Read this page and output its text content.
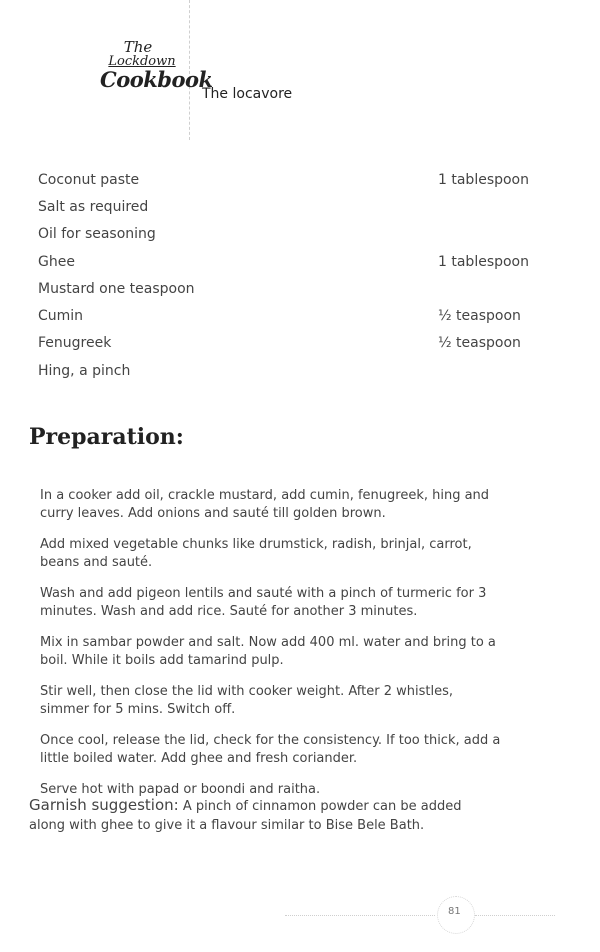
The
Lockdown
Cookbook
The locavore
Coconut paste	1 tablespoon
Salt as required
Oil for seasoning
Ghee	1 tablespoon
Mustard one teaspoon
Cumin	½ teaspoon
Fenugreek	½ teaspoon
Hing, a pinch
Preparation:

In a cooker add oil, crackle mustard, add cumin, fenugreek, hing and curry leaves. Add onions and sauté till golden brown.

Add mixed vegetable chunks like drumstick, radish, brinjal, carrot, beans and sauté.

Wash and add pigeon lentils and sauté with a pinch of turmeric for 3 minutes. Wash and add rice. Sauté for another 3 minutes.

Mix in sambar powder and salt. Now add 400 ml. water and bring to a boil. While it boils add tamarind pulp.

Stir well, then close the lid with cooker weight. After 2 whistles, simmer for 5 mins. Switch off.

Once cool, release the lid, check for the consistency. If too thick, add a little boiled water. Add ghee and fresh coriander.

Serve hot with papad or boondi and raitha.

Garnish suggestion: A pinch of cinnamon powder can be added along with ghee to give it a flavour similar to Bise Bele Bath.
81
